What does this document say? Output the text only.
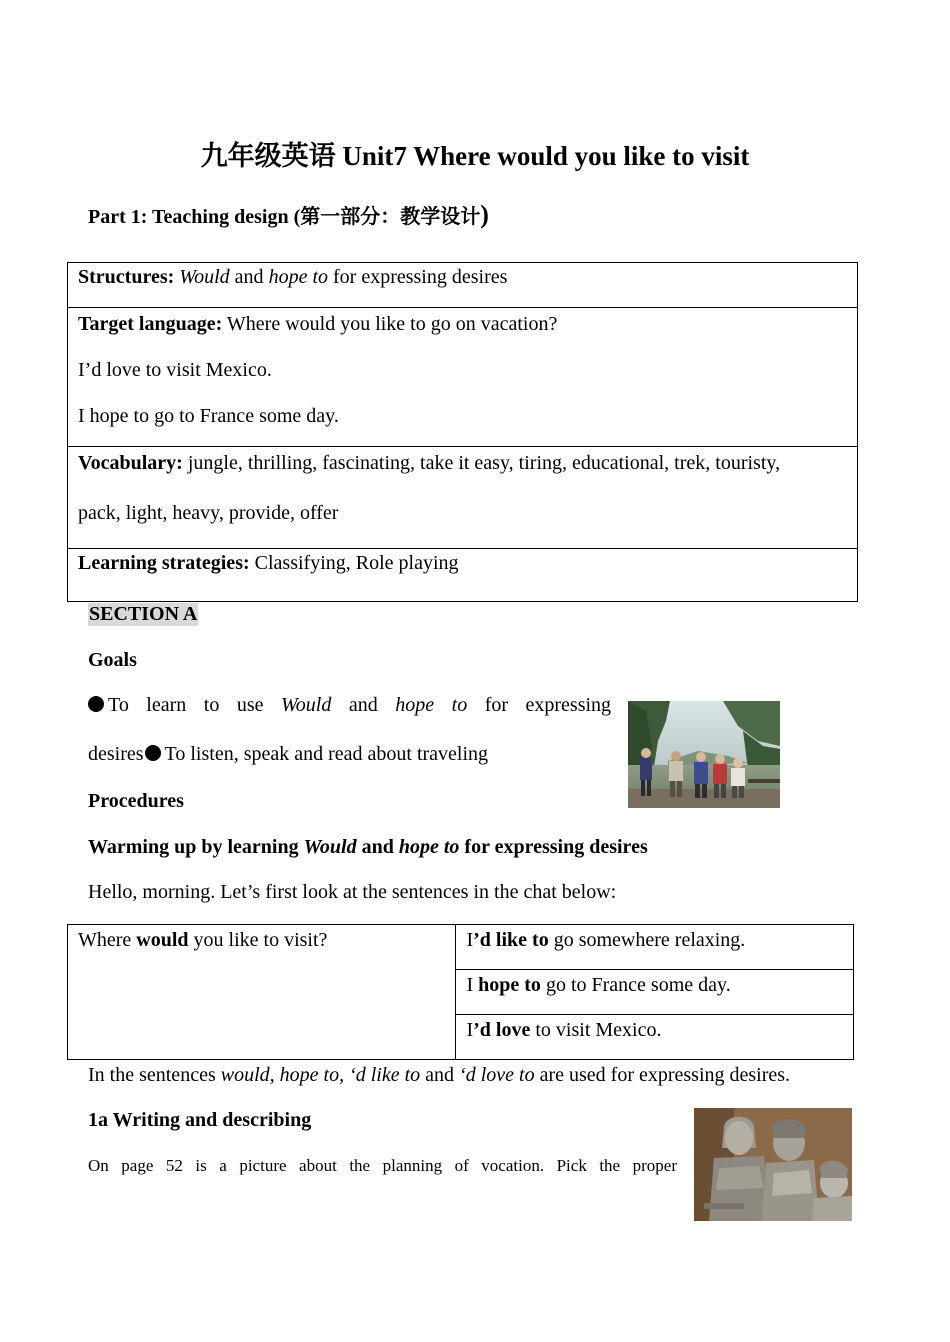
九年级英语 Unit7 Where would you like to visit
Part 1: Teaching design (第一部分：教学设计)
Structures: Would and hope to for expressing desires

Target language: Where would you like to go on vacation?

I’d love to visit Mexico.

I hope to go to France some day.

Vocabulary: jungle, thrilling, fascinating, take it easy, tiring, educational, trek, touristy,
pack, light, heavy, provide, offer

Learning strategies: Classifying, Role playing
SECTION A
Goals
To learn to use Would and hope to for expressing
desires To listen, speak and read about traveling
Procedures
Warming up by learning Would and hope to for expressing desires
Hello, morning. Let’s first look at the sentences in the chat below:
Where would you like to visit?	I’d like to go somewhere relaxing.
I hope to go to France some day.
I’d love to visit Mexico.
In the sentences would, hope to, ‘d like to and ‘d love to are used for expressing desires.
1a Writing and describing
On page 52 is a picture about the planning of vocation. Pick the proper
